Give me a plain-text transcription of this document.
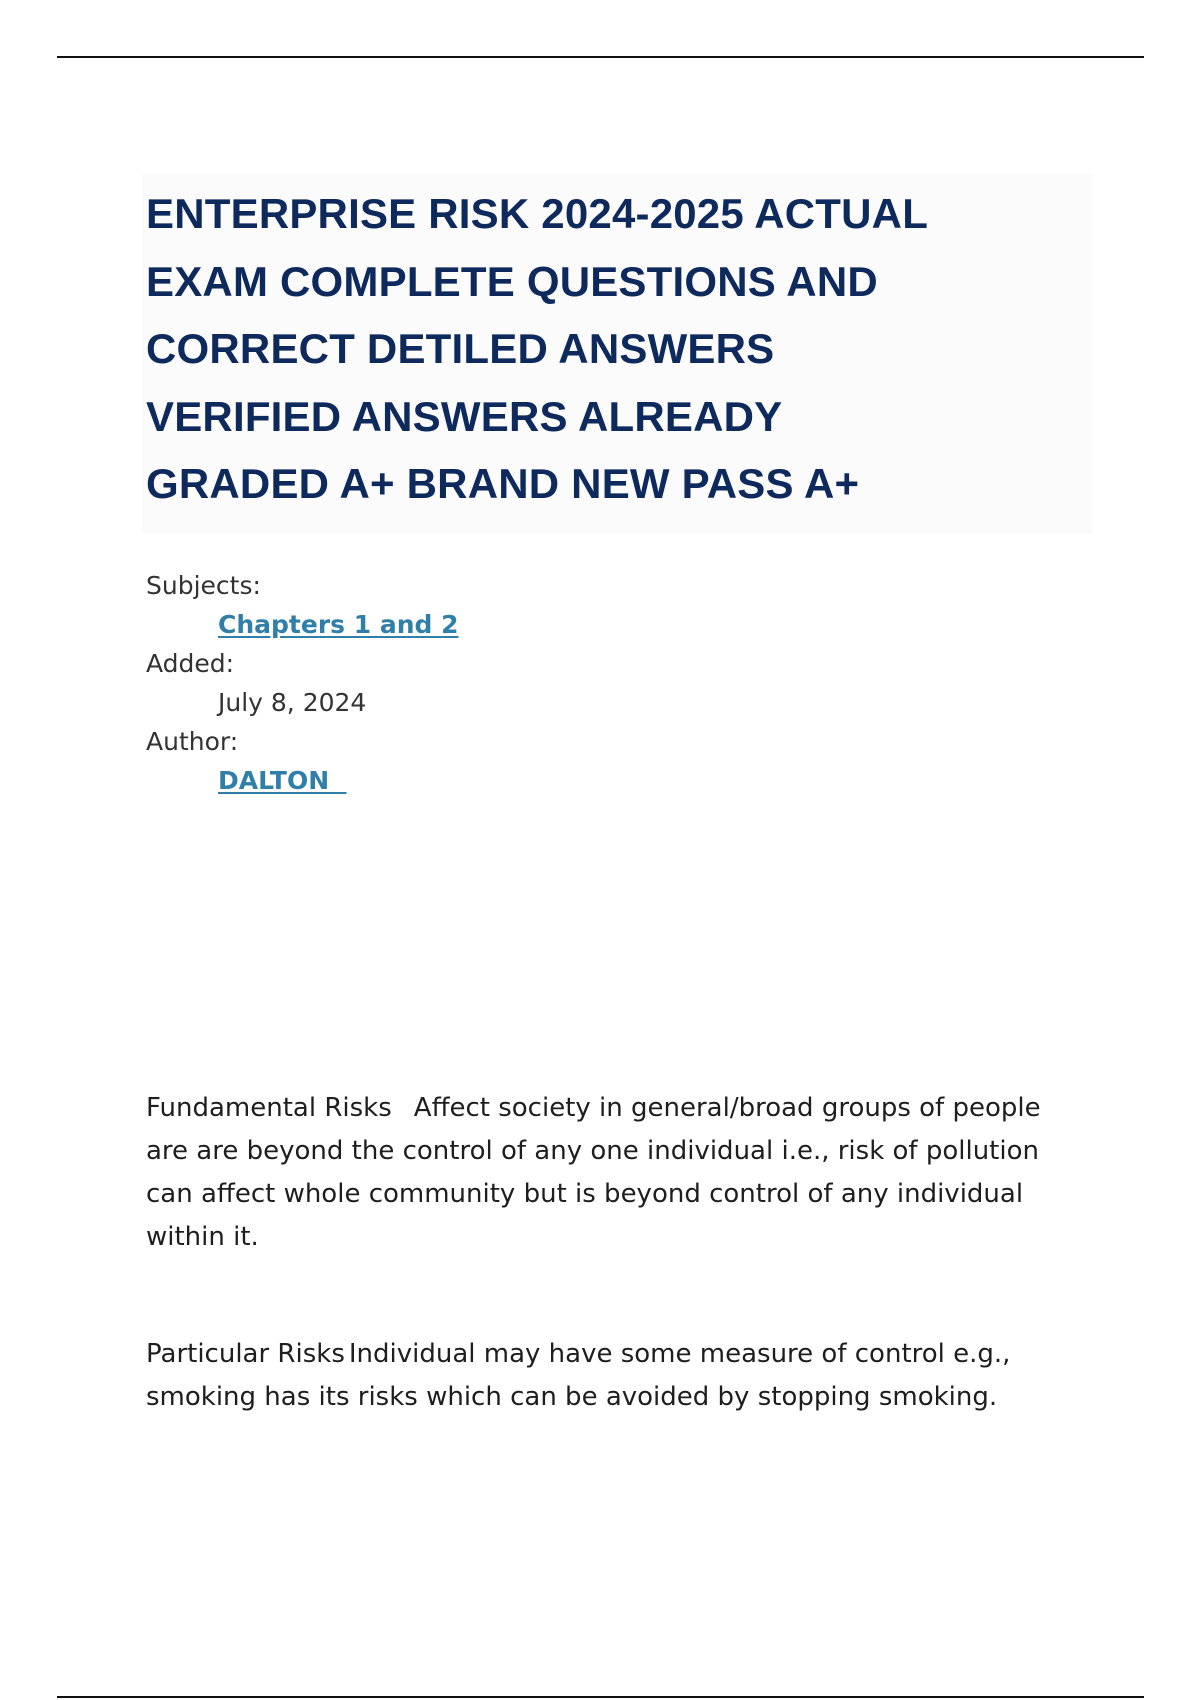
ENTERPRISE RISK 2024-2025 ACTUAL
EXAM COMPLETE QUESTIONS AND
CORRECT DETILED ANSWERS
VERIFIED ANSWERS ALREADY
GRADED A+ BRAND NEW PASS A+
Subjects:
Chapters 1 and 2
Added:
July 8, 2024
Author:
DALTON

Fundamental Risks Affect society in general/broad groups of people are are beyond the control of any one individual i.e., risk of pollution can affect whole community but is beyond control of any individual within it.

Particular Risks Individual may have some measure of control e.g., smoking has its risks which can be avoided by stopping smoking.
